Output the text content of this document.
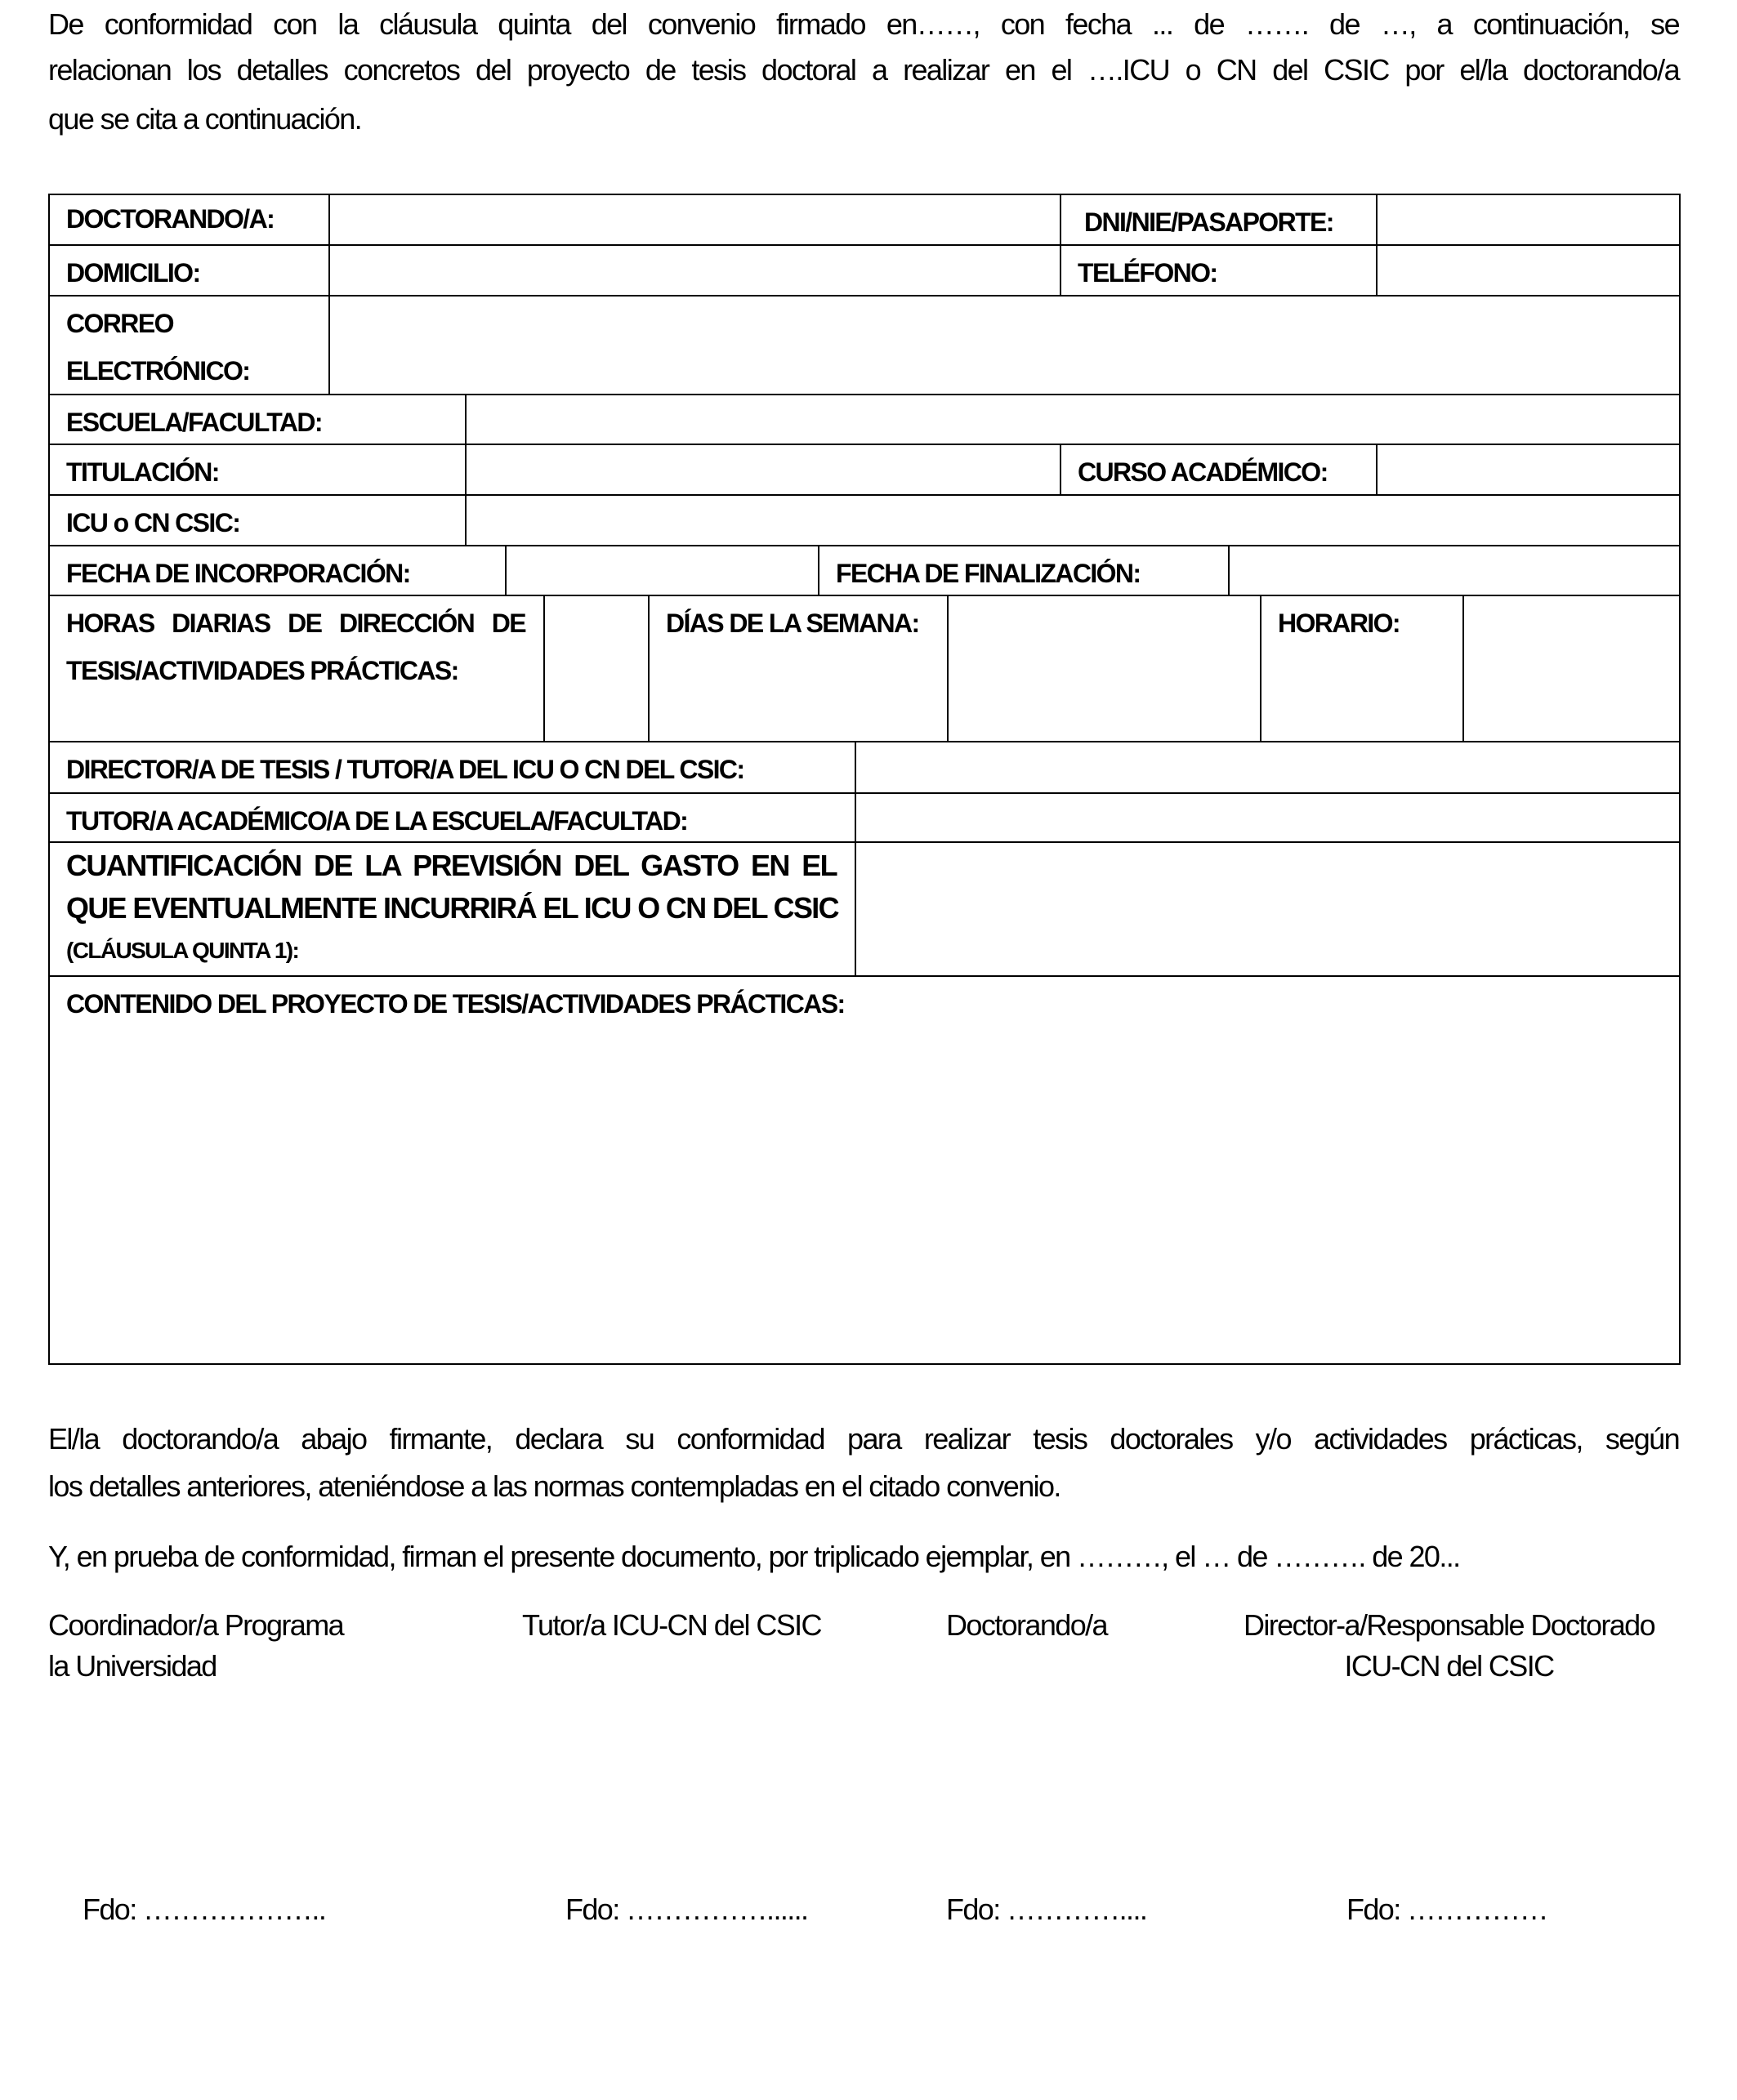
De conformidad con la cláusula quinta del convenio firmado en……, con fecha ... de ……. de …, a continuación, se
relacionan los detalles concretos del proyecto de tesis doctoral a realizar en el ….ICU o CN del CSIC por el/la doctorando/a
que se cita a continuación.
DOCTORANDO/A:	DNI/NIE/PASAPORTE:
DOMICILIO:	TELÉFONO:
CORREO
ELECTRÓNICO:
ESCUELA/FACULTAD:
TITULACIÓN:	CURSO ACADÉMICO:
ICU o CN CSIC:
FECHA DE INCORPORACIÓN:	FECHA DE FINALIZACIÓN:
HORAS DIARIAS DE DIRECCIÓN DE
TESIS/ACTIVIDADES PRÁCTICAS:
DÍAS DE LA SEMANA:	HORARIO:
DIRECTOR/A DE TESIS / TUTOR/A DEL ICU O CN DEL CSIC:
TUTOR/A ACADÉMICO/A DE LA ESCUELA/FACULTAD:
CUANTIFICACIÓN DE LA PREVISIÓN DEL GASTO EN EL
QUE EVENTUALMENTE INCURRIRÁ EL ICU O CN DEL CSIC
(CLÁUSULA QUINTA 1):
CONTENIDO DEL PROYECTO DE TESIS/ACTIVIDADES PRÁCTICAS:
El/la doctorando/a abajo firmante, declara su conformidad para realizar tesis doctorales y/o actividades prácticas, según
los detalles anteriores, ateniéndose a las normas contempladas en el citado convenio.
Y, en prueba de conformidad, firman el presente documento, por triplicado ejemplar, en ………, el … de ………. de 20...
Coordinador/a Programa
la Universidad
Tutor/a ICU-CN del CSIC	Doctorando/a	Director-a/Responsable Doctorado
ICU-CN del CSIC
Fdo: ………………..	Fdo: ……………......	Fdo: …………....	Fdo: ……………
